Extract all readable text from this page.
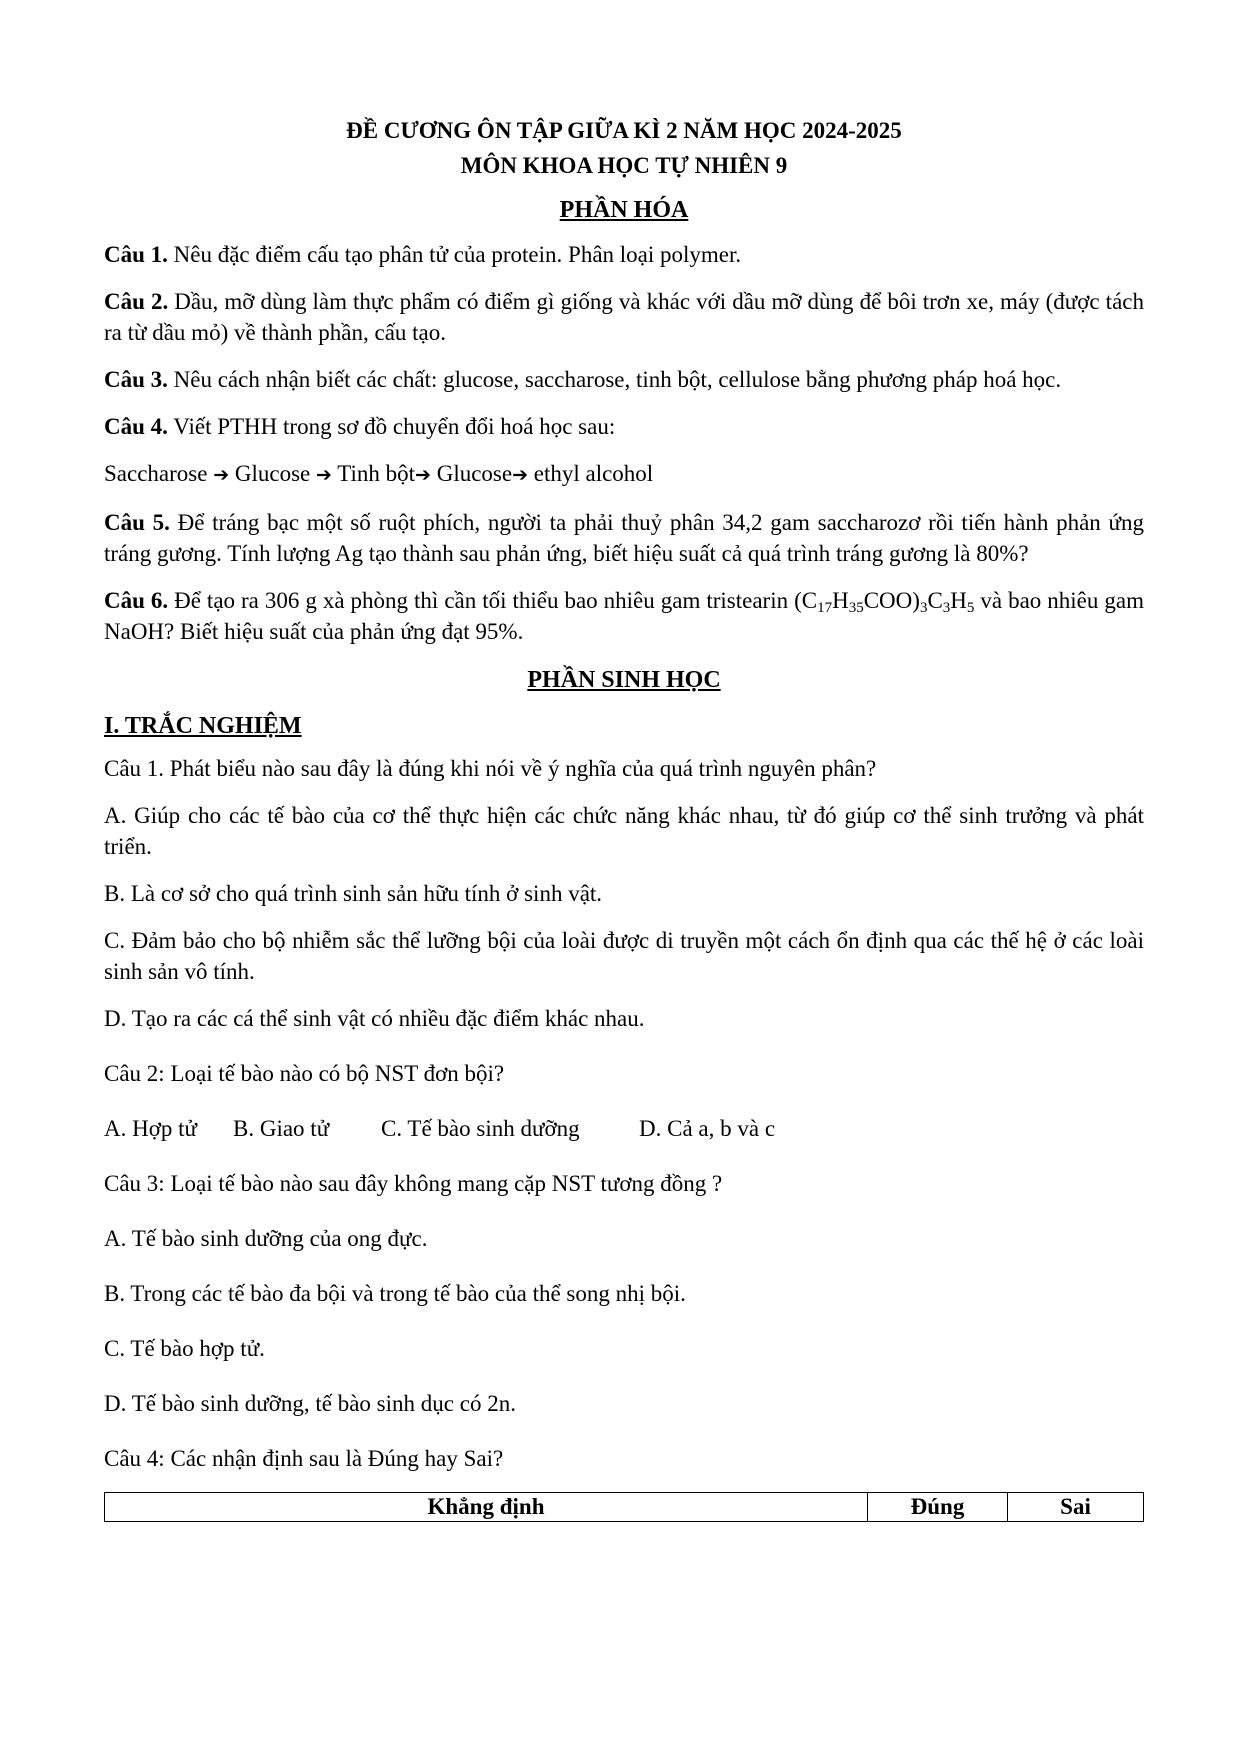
ĐỀ CƯƠNG ÔN TẬP GIỮA KÌ 2 NĂM HỌC 2024-2025

MÔN KHOA HỌC TỰ NHIÊN 9

PHẦN HÓA

Câu 1. Nêu đặc điểm cấu tạo phân tử của protein. Phân loại polymer.

Câu 2. Dầu, mỡ dùng làm thực phẩm có điểm gì giống và khác với dầu mỡ dùng để bôi trơn xe, máy (được tách ra từ dầu mỏ) về thành phần, cấu tạo.

Câu 3. Nêu cách nhận biết các chất: glucose, saccharose, tinh bột, cellulose bằng phương pháp hoá học.

Câu 4. Viết PTHH trong sơ đồ chuyển đổi hoá học sau:

Saccharose ➔ Glucose ➔ Tinh bột➔ Glucose➔ ethyl alcohol

Câu 5. Để tráng bạc một số ruột phích, người ta phải thuỷ phân 34,2 gam saccharozơ rồi tiến hành phản ứng tráng gương. Tính lượng Ag tạo thành sau phản ứng, biết hiệu suất cả quá trình tráng gương là 80%?

Câu 6. Để tạo ra 306 g xà phòng thì cần tối thiểu bao nhiêu gam tristearin $(C_{17}H_{35}COO)_3C_3H_5$ và bao nhiêu gam NaOH? Biết hiệu suất của phản ứng đạt 95%.

PHẦN SINH HỌC
I. TRẮC NGHIỆM

Câu 1. Phát biểu nào sau đây là đúng khi nói về ý nghĩa của quá trình nguyên phân?

A. Giúp cho các tế bào của cơ thể thực hiện các chức năng khác nhau, từ đó giúp cơ thể sinh trưởng và phát triển.

B. Là cơ sở cho quá trình sinh sản hữu tính ở sinh vật.

C. Đảm bảo cho bộ nhiễm sắc thể lưỡng bội của loài được di truyền một cách ổn định qua các thế hệ ở các loài sinh sản vô tính.

D. Tạo ra các cá thể sinh vật có nhiều đặc điểm khác nhau.

Câu 2: Loại tế bào nào có bộ NST đơn bội?

A. Hợp tử	B. Giao tử	C. Tế bào sinh dưỡng	D. Cả a, b và c

Câu 3: Loại tế bào nào sau đây không mang cặp NST tương đồng ?

A. Tế bào sinh dưỡng của ong đực.

B. Trong các tế bào đa bội và trong tế bào của thể song nhị bội.

C. Tế bào hợp tử.

D. Tế bào sinh dưỡng, tế bào sinh dục có 2n.

Câu 4: Các nhận định sau là Đúng hay Sai?

Khẳng định	Đúng	Sai
